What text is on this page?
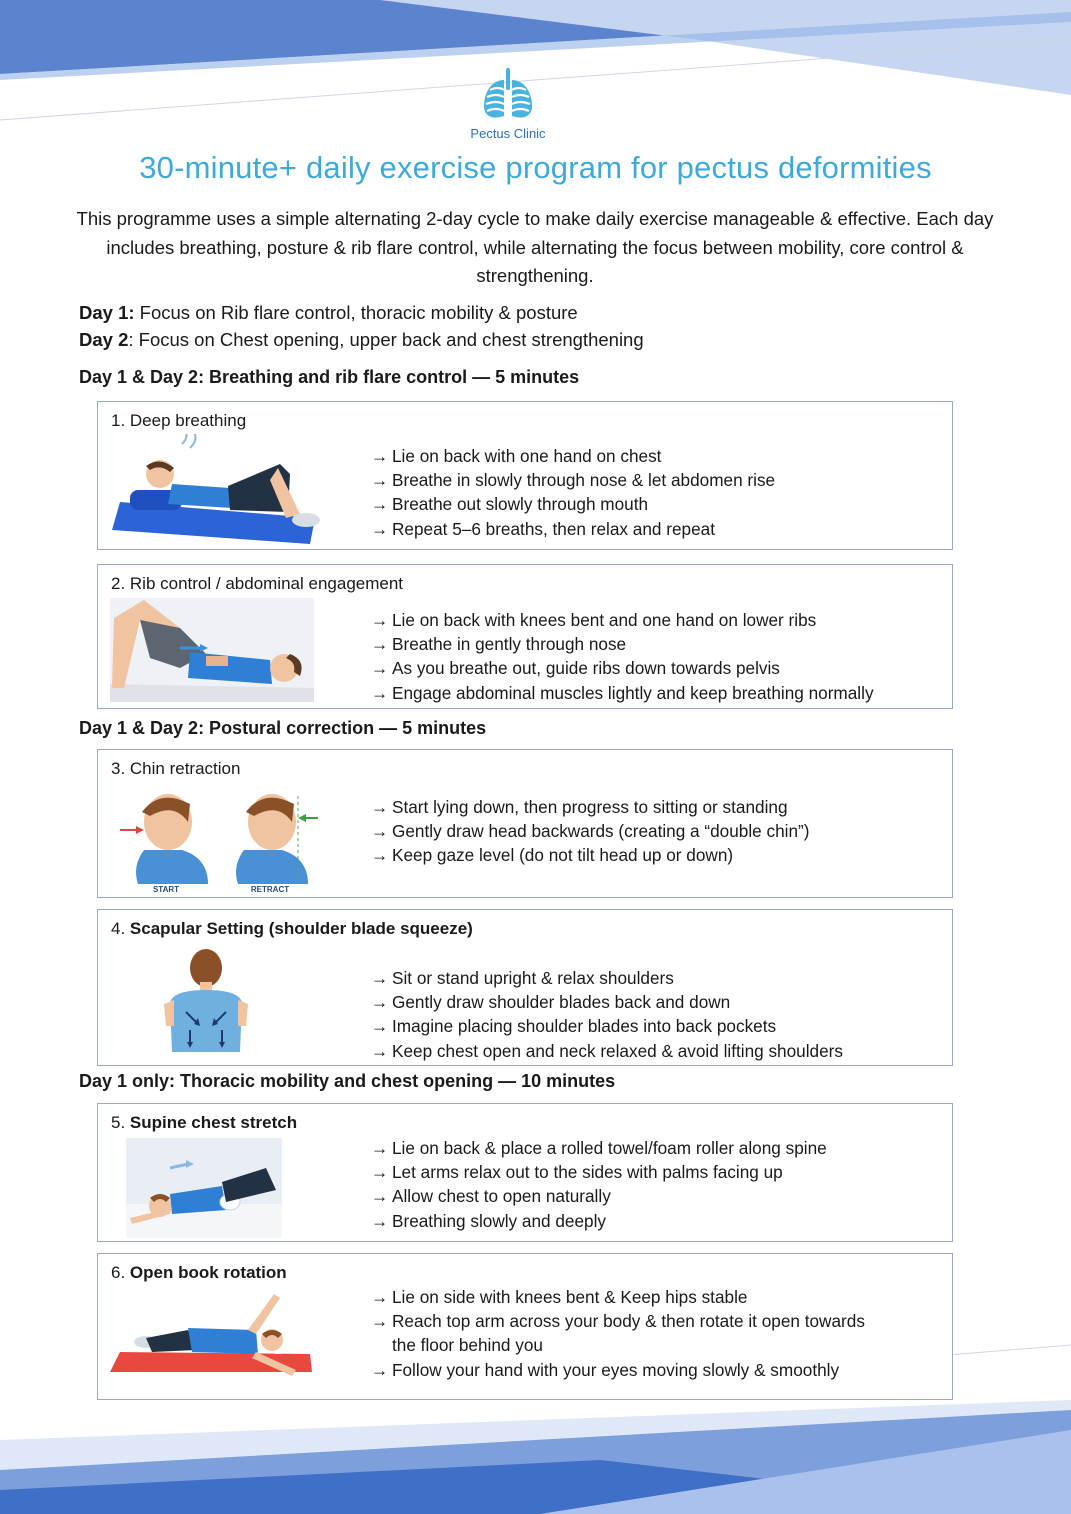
Pectus Clinic
30-minute+ daily exercise program for pectus deformities

This programme uses a simple alternating 2-day cycle to make daily exercise manageable & effective. Each day includes breathing, posture & rib flare control, while alternating the focus between mobility, core control & strengthening.

Day 1: Focus on Rib flare control, thoracic mobility & posture
Day 2: Focus on Chest opening, upper back and chest strengthening
Day 1 & Day 2: Breathing and rib flare control — 5 minutes
1. Deep breathing
→ Lie on back with one hand on chest
→ Breathe in slowly through nose & let abdomen rise
→ Breathe out slowly through mouth
→ Repeat 5–6 breaths, then relax and repeat
2. Rib control / abdominal engagement
→ Lie on back with knees bent and one hand on lower ribs
→ Breathe in gently through nose
→ As you breathe out, guide ribs down towards pelvis
→ Engage abdominal muscles lightly and keep breathing normally
Day 1 & Day 2: Postural correction — 5 minutes
3. Chin retraction
START	RETRACT
→ Start lying down, then progress to sitting or standing
→ Gently draw head backwards (creating a “double chin”)
→ Keep gaze level (do not tilt head up or down)
4. Scapular Setting (shoulder blade squeeze)
→ Sit or stand upright & relax shoulders
→ Gently draw shoulder blades back and down
→ Imagine placing shoulder blades into back pockets
→ Keep chest open and neck relaxed & avoid lifting shoulders
Day 1 only: Thoracic mobility and chest opening — 10 minutes
5. Supine chest stretch
→ Lie on back & place a rolled towel/foam roller along spine
→ Let arms relax out to the sides with palms facing up
→ Allow chest to open naturally
→ Breathing slowly and deeply
6. Open book rotation
→ Lie on side with knees bent & Keep hips stable
→ Reach top arm across your body & then rotate it open towards the floor behind you
→ Follow your hand with your eyes moving slowly & smoothly
